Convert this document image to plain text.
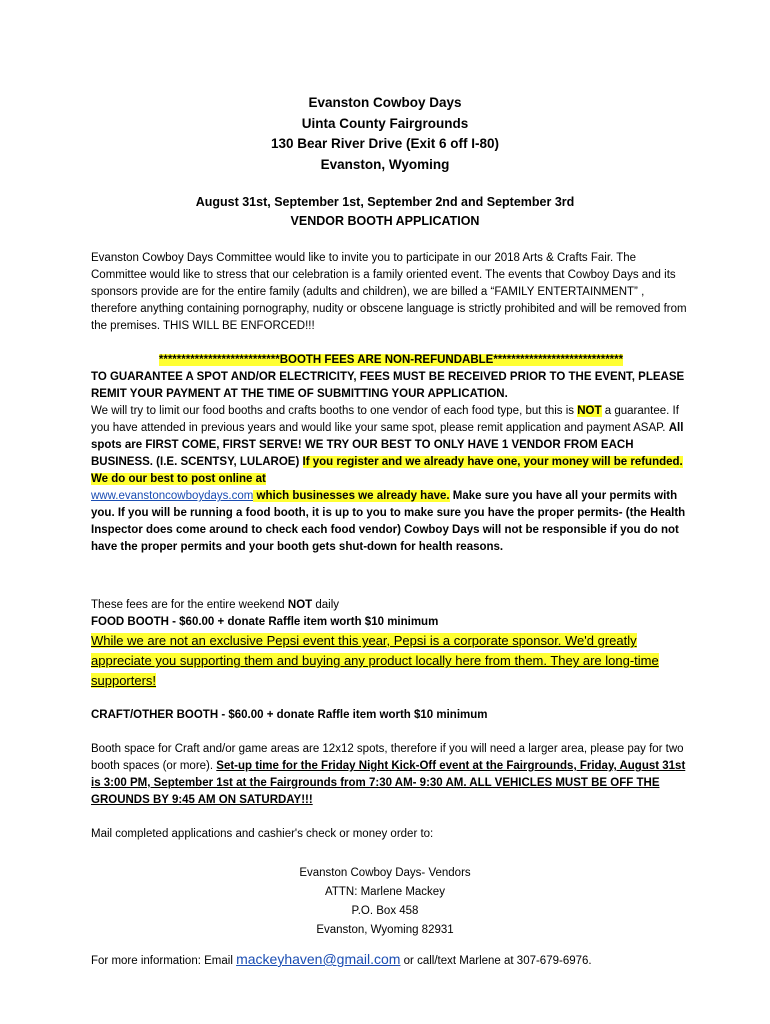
Evanston Cowboy Days
Uinta County Fairgrounds
130 Bear River Drive (Exit 6 off I-80)
Evanston, Wyoming
August 31st, September 1st, September 2nd and September 3rd
VENDOR BOOTH APPLICATION
Evanston Cowboy Days Committee would like to invite you to participate in our 2018 Arts & Crafts Fair. The Committee would like to stress that our celebration is a family oriented event. The events that Cowboy Days and its sponsors provide are for the entire family (adults and children), we are billed a “FAMILY ENTERTAINMENT” , therefore anything containing pornography, nudity or obscene language is strictly prohibited and will be removed from the premises. THIS WILL BE ENFORCED!!!
***************************BOOTH FEES ARE NON-REFUNDABLE*****************************
TO GUARANTEE A SPOT AND/OR ELECTRICITY, FEES MUST BE RECEIVED PRIOR TO THE EVENT, PLEASE REMIT YOUR PAYMENT AT THE TIME OF SUBMITTING YOUR APPLICATION.
We will try to limit our food booths and crafts booths to one vendor of each food type, but this is NOT a guarantee. If you have attended in previous years and would like your same spot, please remit application and payment ASAP. All spots are FIRST COME, FIRST SERVE! WE TRY OUR BEST TO ONLY HAVE 1 VENDOR FROM EACH BUSINESS. (I.E. SCENTSY, LULAROE) If you register and we already have one, your money will be refunded. We do our best to post online at
www.evanstoncowboydays.com which businesses we already have. Make sure you have all your permits with you. If you will be running a food booth, it is up to you to make sure you have the proper permits- (the Health Inspector does come around to check each food vendor) Cowboy Days will not be responsible if you do not have the proper permits and your booth gets shut-down for health reasons.
These fees are for the entire weekend NOT daily
FOOD BOOTH - $60.00 + donate Raffle item worth $10 minimum
While we are not an exclusive Pepsi event this year, Pepsi is a corporate sponsor. We'd greatly appreciate you supporting them and buying any product locally here from them. They are long-time supporters!
CRAFT/OTHER BOOTH - $60.00 + donate Raffle item worth $10 minimum
Booth space for Craft and/or game areas are 12x12 spots, therefore if you will need a larger area, please pay for two booth spaces (or more). Set-up time for the Friday Night Kick-Off event at the Fairgrounds, Friday, August 31st is 3:00 PM, September 1st at the Fairgrounds from 7:30 AM- 9:30 AM. ALL VEHICLES MUST BE OFF THE GROUNDS BY 9:45 AM ON SATURDAY!!!
Mail completed applications and cashier's check or money order to:
Evanston Cowboy Days- Vendors
ATTN: Marlene Mackey
P.O. Box 458
Evanston, Wyoming 82931
For more information: Email mackeyhaven@gmail.com or call/text Marlene at 307-679-6976.
